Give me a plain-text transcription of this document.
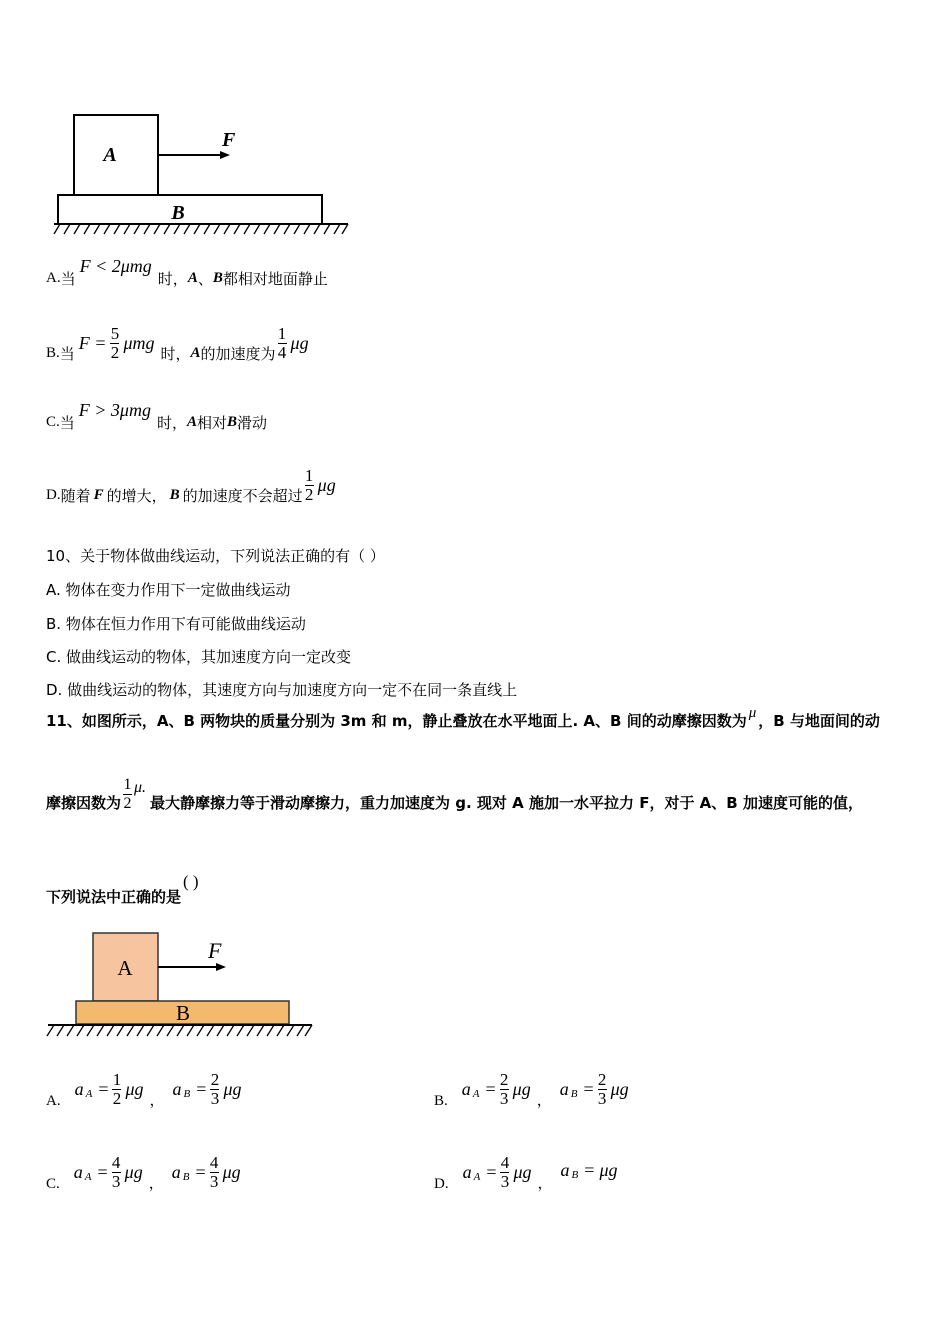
A
B
F
A. 当
F < 2μmg
时， A 、 B 都相对地面静止
B. 当
$F = \frac{5}{2}$ μmg
时， A 的加速度为 $\frac{1}{4}$ μg
C. 当
F > 3μmg
时， A 相对 B 滑动
D. 随着 F 的增大， B 的加速度不会超过 $\frac{1}{2}$ μg
10、关于物体做曲线运动，下列说法正确的有（ ）
A. 物体在变力作用下一定做曲线运动
B. 物体在恒力作用下有可能做曲线运动
C. 做曲线运动的物体，其加速度方向一定改变
D. 做曲线运动的物体，其速度方向与加速度方向一定不在同一条直线上
11、如图所示，A、B 两物块的质量分别为 3m 和 m，静止叠放在水平地面上. A、B 间的动摩擦因数为 μ ，B 与地面间的动
摩擦因数为 $\frac{1}{2} \mu$.
最大静摩擦力等于滑动摩擦力，重力加速度为 g. 现对 A 施加一水平拉力 F，对于 A、B 加速度可能的值，
下列说法中正确的是
( )
A
B
F
A.
a $A = \frac{1}{2}$ μg
，
a $B = \frac{2}{3}$ μg
B.
a $A = \frac{2}{3}$ μg
，
a $B = \frac{2}{3}$ μg
C.
a $A = \frac{4}{3}$ μg
，
a $B = \frac{4}{3}$ μg
D.
a $A = \frac{4}{3}$ μg
，
a B = μg
